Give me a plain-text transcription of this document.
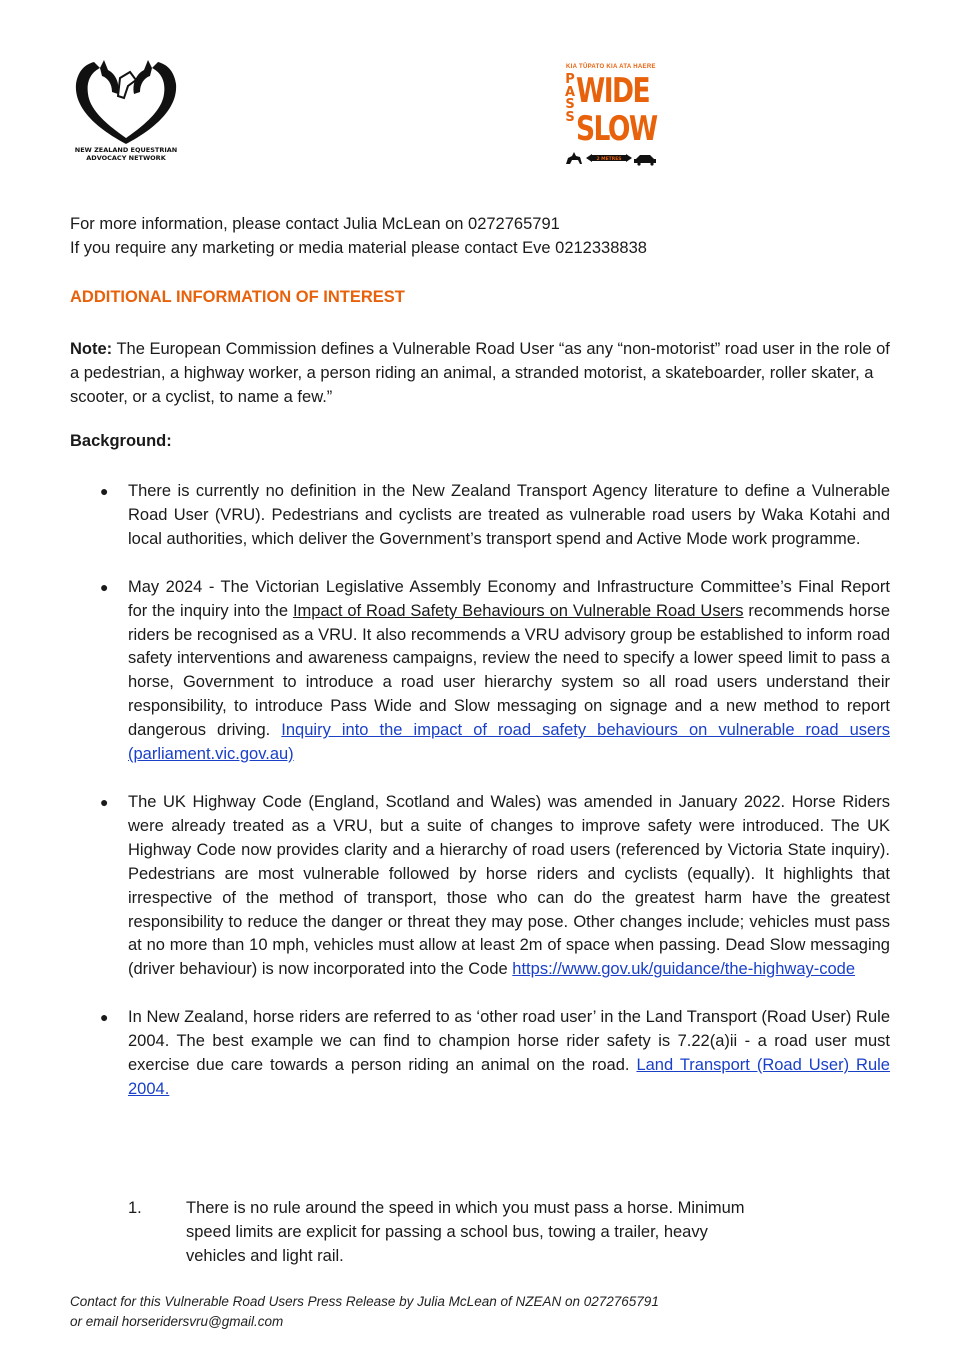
NEW ZEALAND EQUESTRIAN ADVOCACY NETWORK
KIA TŪPATO KIA ATA HAERE
PASS
WIDE
SLOW
2 METRES
For more information, please contact Julia McLean on 0272765791
If you require any marketing or media material please contact Eve 0212338838
ADDITIONAL INFORMATION OF INTEREST
Note: The European Commission defines a Vulnerable Road User “as any “non-motorist” road user in the role of a pedestrian, a highway worker, a person riding an animal, a stranded motorist, a skateboarder, roller skater, a scooter, or a cyclist, to name a few.”
Background:
● There is currently no definition in the New Zealand Transport Agency literature to define a Vulnerable Road User (VRU). Pedestrians and cyclists are treated as vulnerable road users by Waka Kotahi and local authorities, which deliver the Government’s transport spend and Active Mode work programme.
● May 2024 - The Victorian Legislative Assembly Economy and Infrastructure Committee’s Final Report for the inquiry into the Impact of Road Safety Behaviours on Vulnerable Road Users recommends horse riders be recognised as a VRU. It also recommends a VRU advisory group be established to inform road safety interventions and awareness campaigns, review the need to specify a lower speed limit to pass a horse, Government to introduce a road user hierarchy system so all road users understand their responsibility, to introduce Pass Wide and Slow messaging on signage and a new method to report dangerous driving. Inquiry into the impact of road safety behaviours on vulnerable road users (parliament.vic.gov.au)
● The UK Highway Code (England, Scotland and Wales) was amended in January 2022. Horse Riders were already treated as a VRU, but a suite of changes to improve safety were introduced. The UK Highway Code now provides clarity and a hierarchy of road users (referenced by Victoria State inquiry). Pedestrians are most vulnerable followed by horse riders and cyclists (equally). It highlights that irrespective of the method of transport, those who can do the greatest harm have the greatest responsibility to reduce the danger or threat they may pose. Other changes include; vehicles must pass at no more than 10 mph, vehicles must allow at least 2m of space when passing. Dead Slow messaging (driver behaviour) is now incorporated into the Code https://www.gov.uk/guidance/the-highway-code
● In New Zealand, horse riders are referred to as ‘other road user’ in the Land Transport (Road User) Rule 2004. The best example we can find to champion horse rider safety is 7.22(a)ii - a road user must exercise due care towards a person riding an animal on the road. Land Transport (Road User) Rule 2004.
1.	There is no rule around the speed in which you must pass a horse. Minimum speed limits are explicit for passing a school bus, towing a trailer, heavy vehicles and light rail.
Contact for this Vulnerable Road Users Press Release by Julia McLean of NZEAN on 0272765791
or email horseridersvru@gmail.com
